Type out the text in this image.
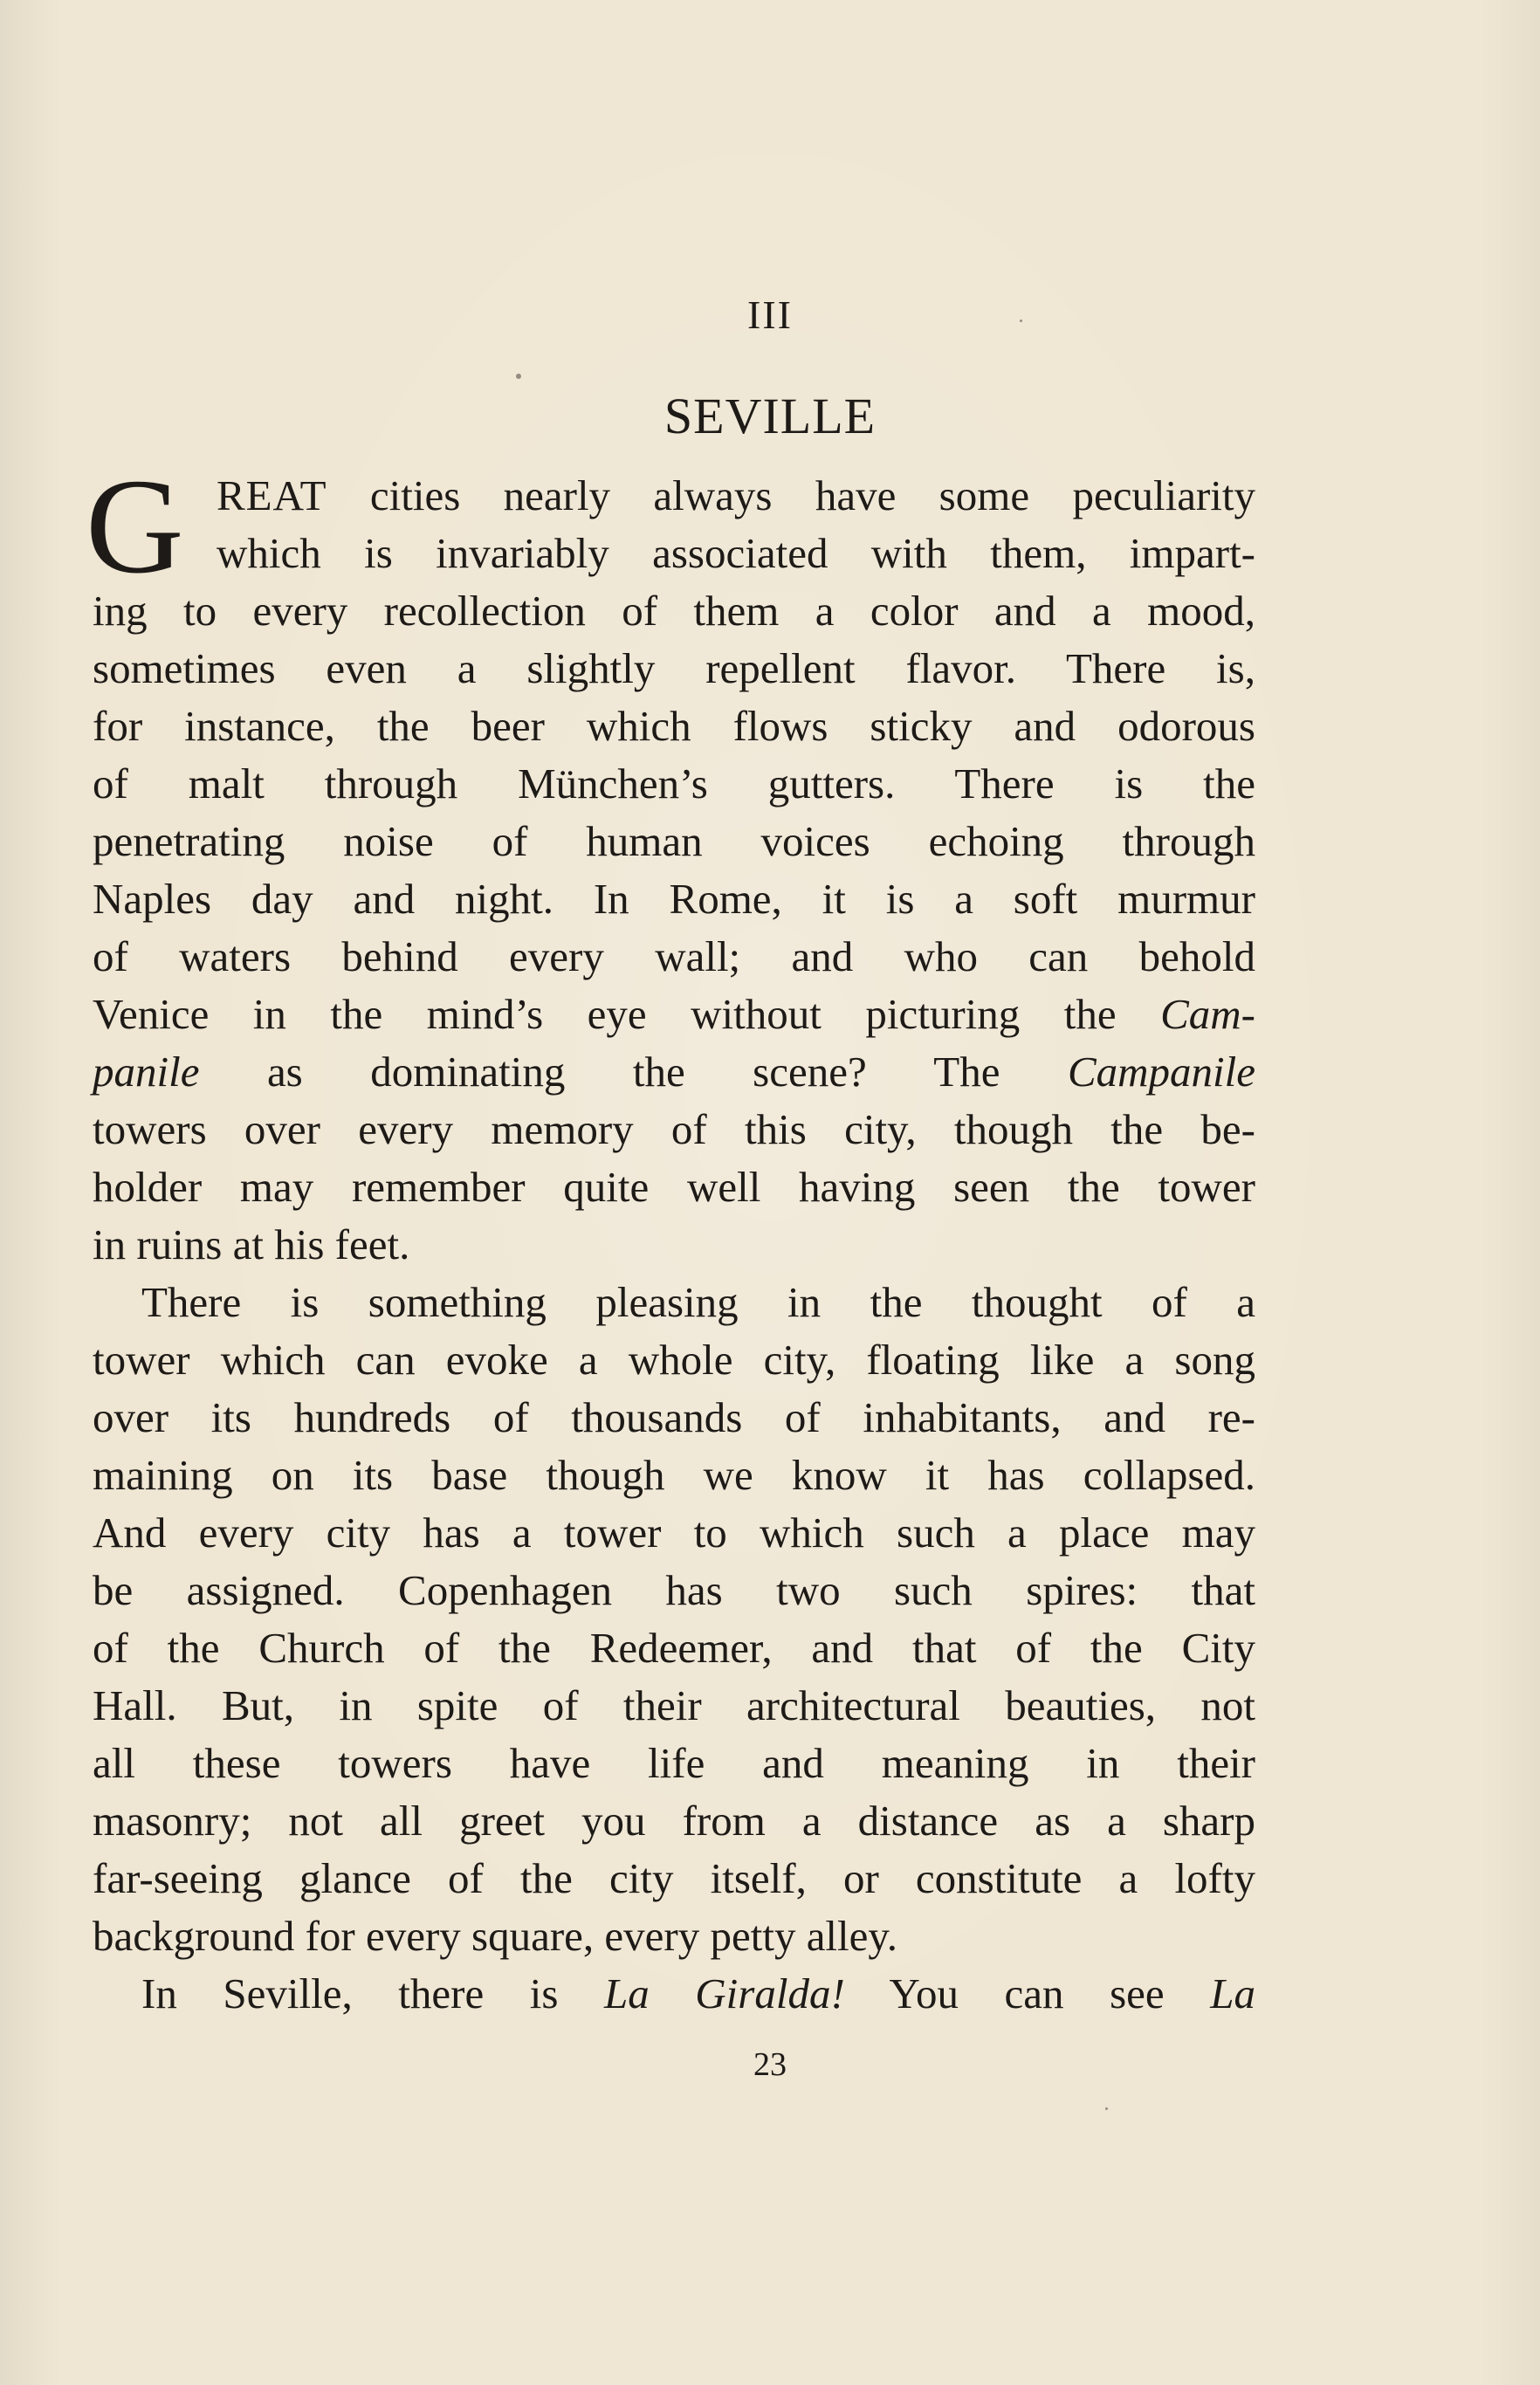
III
SEVILLE
G REAT cities nearly always have some peculiarity
which is invariably associated with them, impart-
ing to every recollection of them a color and a mood,
sometimes even a slightly repellent flavor. There is,
for instance, the beer which flows sticky and odorous
of malt through München’s gutters. There is the
penetrating noise of human voices echoing through
Naples day and night. In Rome, it is a soft murmur
of waters behind every wall; and who can behold
Venice in the mind’s eye without picturing the Cam-
panile as dominating the scene? The Campanile
towers over every memory of this city, though the be-
holder may remember quite well having seen the tower
in ruins at his feet.
There is something pleasing in the thought of a
tower which can evoke a whole city, floating like a song
over its hundreds of thousands of inhabitants, and re-
maining on its base though we know it has collapsed.
And every city has a tower to which such a place may
be assigned. Copenhagen has two such spires: that
of the Church of the Redeemer, and that of the City
Hall. But, in spite of their architectural beauties, not
all these towers have life and meaning in their
masonry; not all greet you from a distance as a sharp
far-seeing glance of the city itself, or constitute a lofty
background for every square, every petty alley.
In Seville, there is La Giralda! You can see La
23
